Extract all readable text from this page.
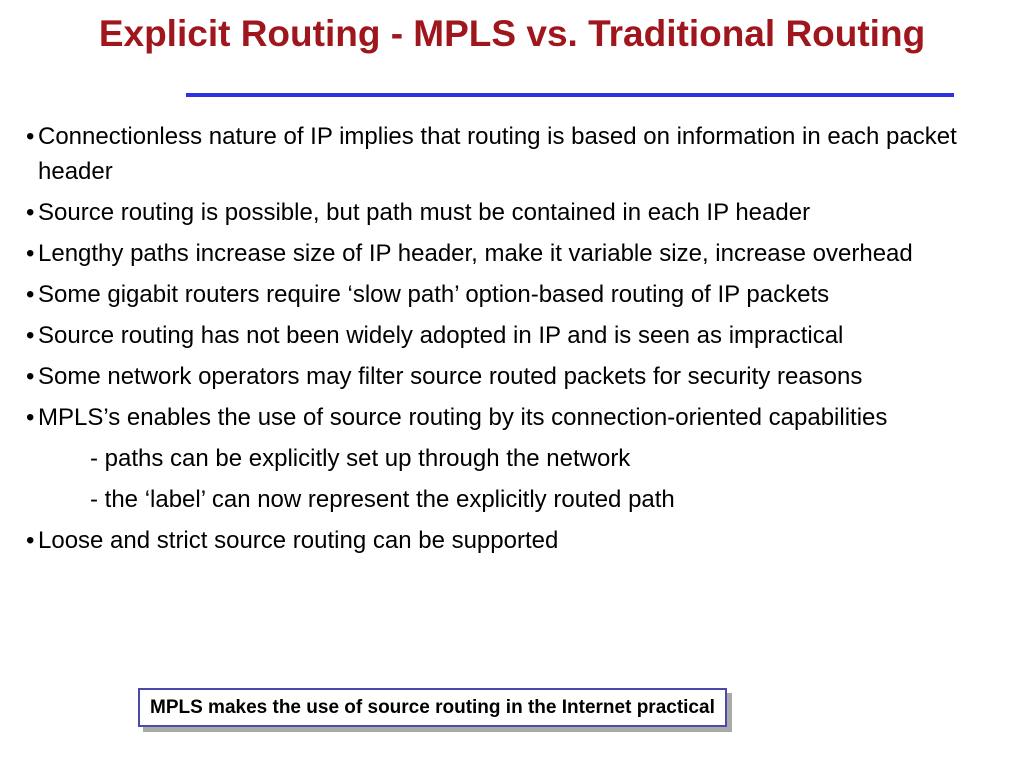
Explicit Routing - MPLS vs. Traditional Routing
• Connectionless nature of IP implies that routing is based on information in each packet header
• Source routing is possible, but path must be contained in each IP header
• Lengthy paths increase size of IP header, make it variable size, increase overhead
• Some gigabit routers require ‘slow path’ option-based routing of IP packets
• Source routing has not been widely adopted in IP and is seen as impractical
• Some network operators may filter source routed packets for security reasons
• MPLS’s enables the use of source routing by its connection-oriented capabilities
- paths can be explicitly set up through the network
- the ‘label’ can now represent the explicitly routed path
• Loose and strict source routing can be supported
MPLS makes the use of source routing in the Internet practical
